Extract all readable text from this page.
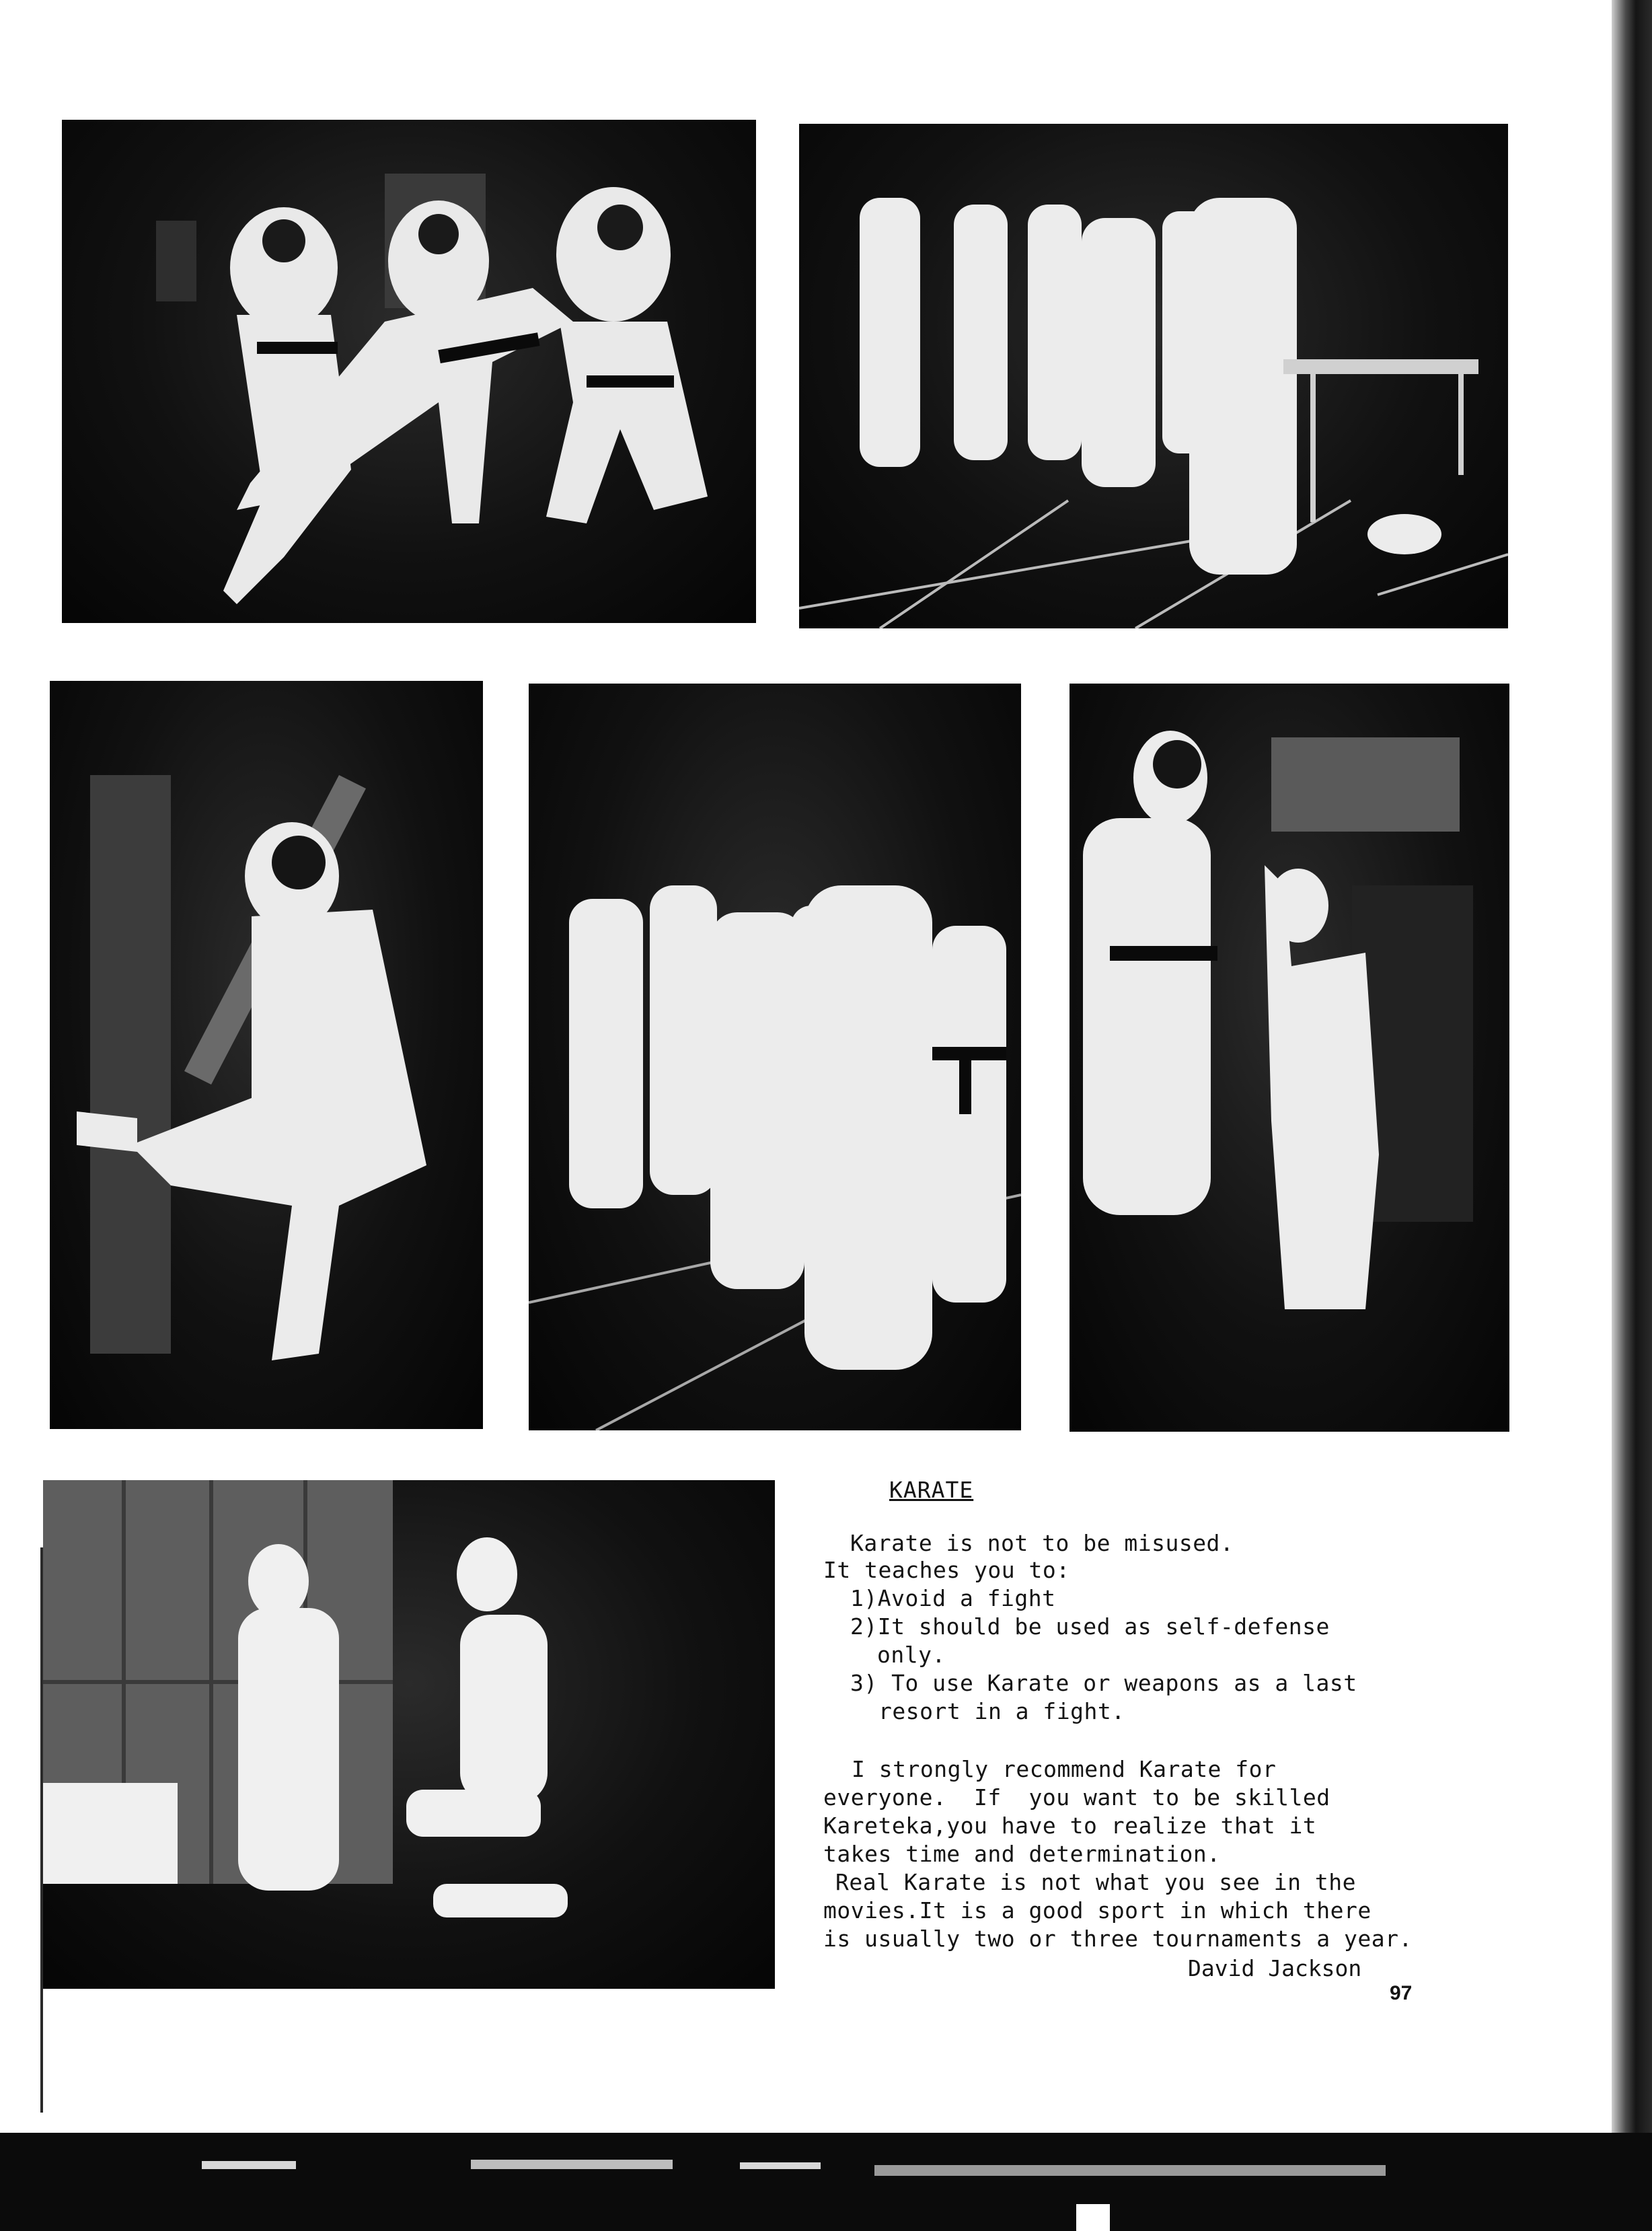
KARATE
Karate is not to be misused.
It teaches you to:
1)Avoid a fight
2)It should be used as self-defense
only.
3) To use Karate or weapons as a last
resort in a fight.
I strongly recommend Karate for
everyone.  If  you want to be skilled
Kareteka,you have to realize that it
takes time and determination.
Real Karate is not what you see in the
movies.It is a good sport in which there
is usually two or three tournaments a year.
David Jackson
97
